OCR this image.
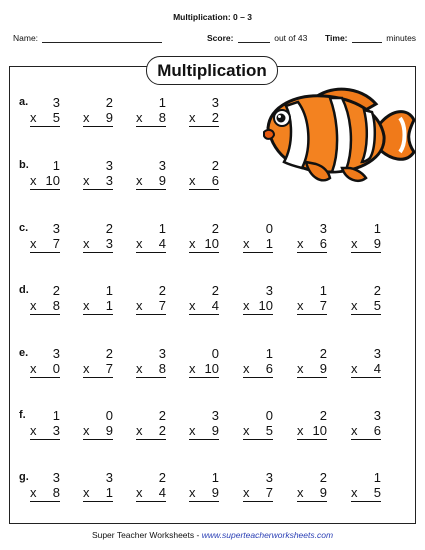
Multiplication: 0 – 3
Name:	Score:	out of 43 Time:	minutes
Multiplication
a.	3
x 5
2
x 9
1
x 8
3
x 2
b.	1
x 10
3
x 3
3
x 9
2
x 6
c.	3
x 7
2
x 3
1
x 4
2
x 10
0
x 1
3
x 6
1
x 9
d.	2
x 8
1
x 1
2
x 7
2
x 4
3
x 10
1
x 7
2
x 5
e.	3
x 0
2
x 7
3
x 8
0
x 10
1
x 6
2
x 9
3
x 4
f.	1
x 3
0
x 9
2
x 2
3
x 9
0
x 5
2
x 10
3
x 6
g.	3
x 8
3
x 1
2
x 4
1
x 9
3
x 7
2
x 9
1
x 5
Super Teacher Worksheets - www.superteacherworksheets.com
